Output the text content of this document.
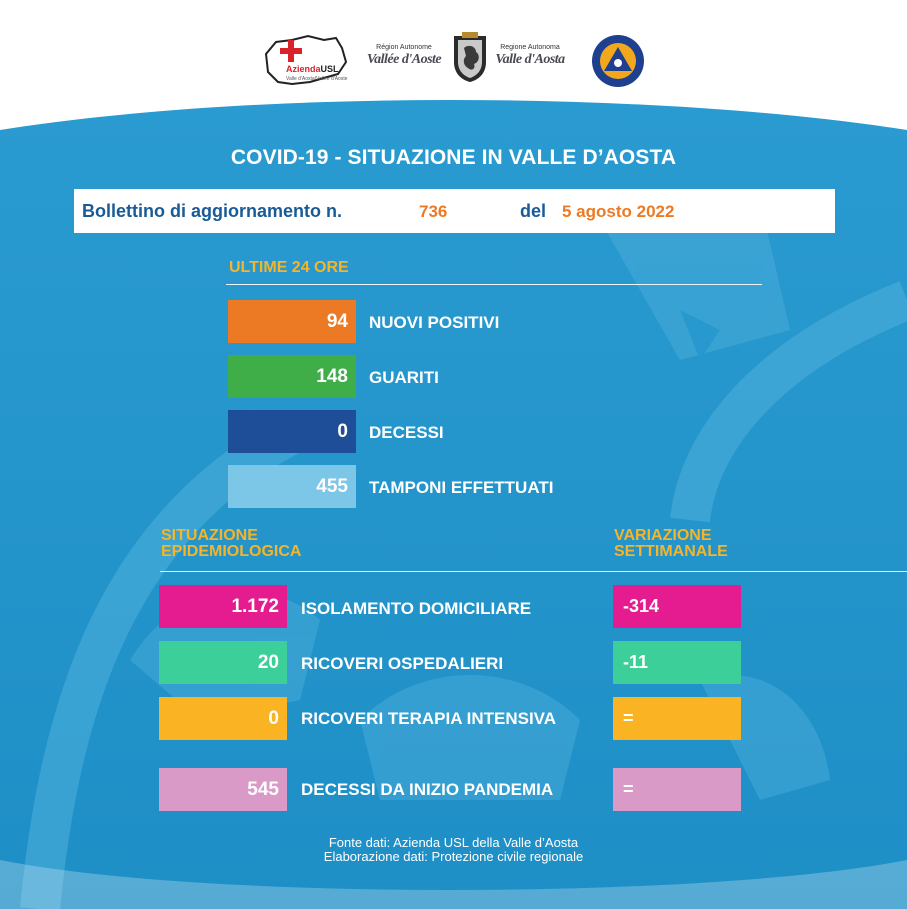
AziendaUSL
Valle d'Aosta/Vallée d'Aoste
Région Autonome
Vallée d'Aoste
Regione Autonoma
Valle d'Aosta
COVID-19 - SITUAZIONE IN VALLE D’AOSTA
Bollettino di aggiornamento n.	736	del 5 agosto 2022
ULTIME 24 ORE
94	NUOVI POSITIVI
148	GUARITI
0	DECESSI
455	TAMPONI EFFETTUATI
SITUAZIONE
EPIDEMIOLOGICA
VARIAZIONE
SETTIMANALE
1.172	ISOLAMENTO DOMICILIARE	-314
20	RICOVERI OSPEDALIERI	-11
0	RICOVERI TERAPIA INTENSIVA	=
545	DECESSI DA INIZIO PANDEMIA	=
Fonte dati: Azienda USL della Valle d’Aosta
Elaborazione dati: Protezione civile regionale
